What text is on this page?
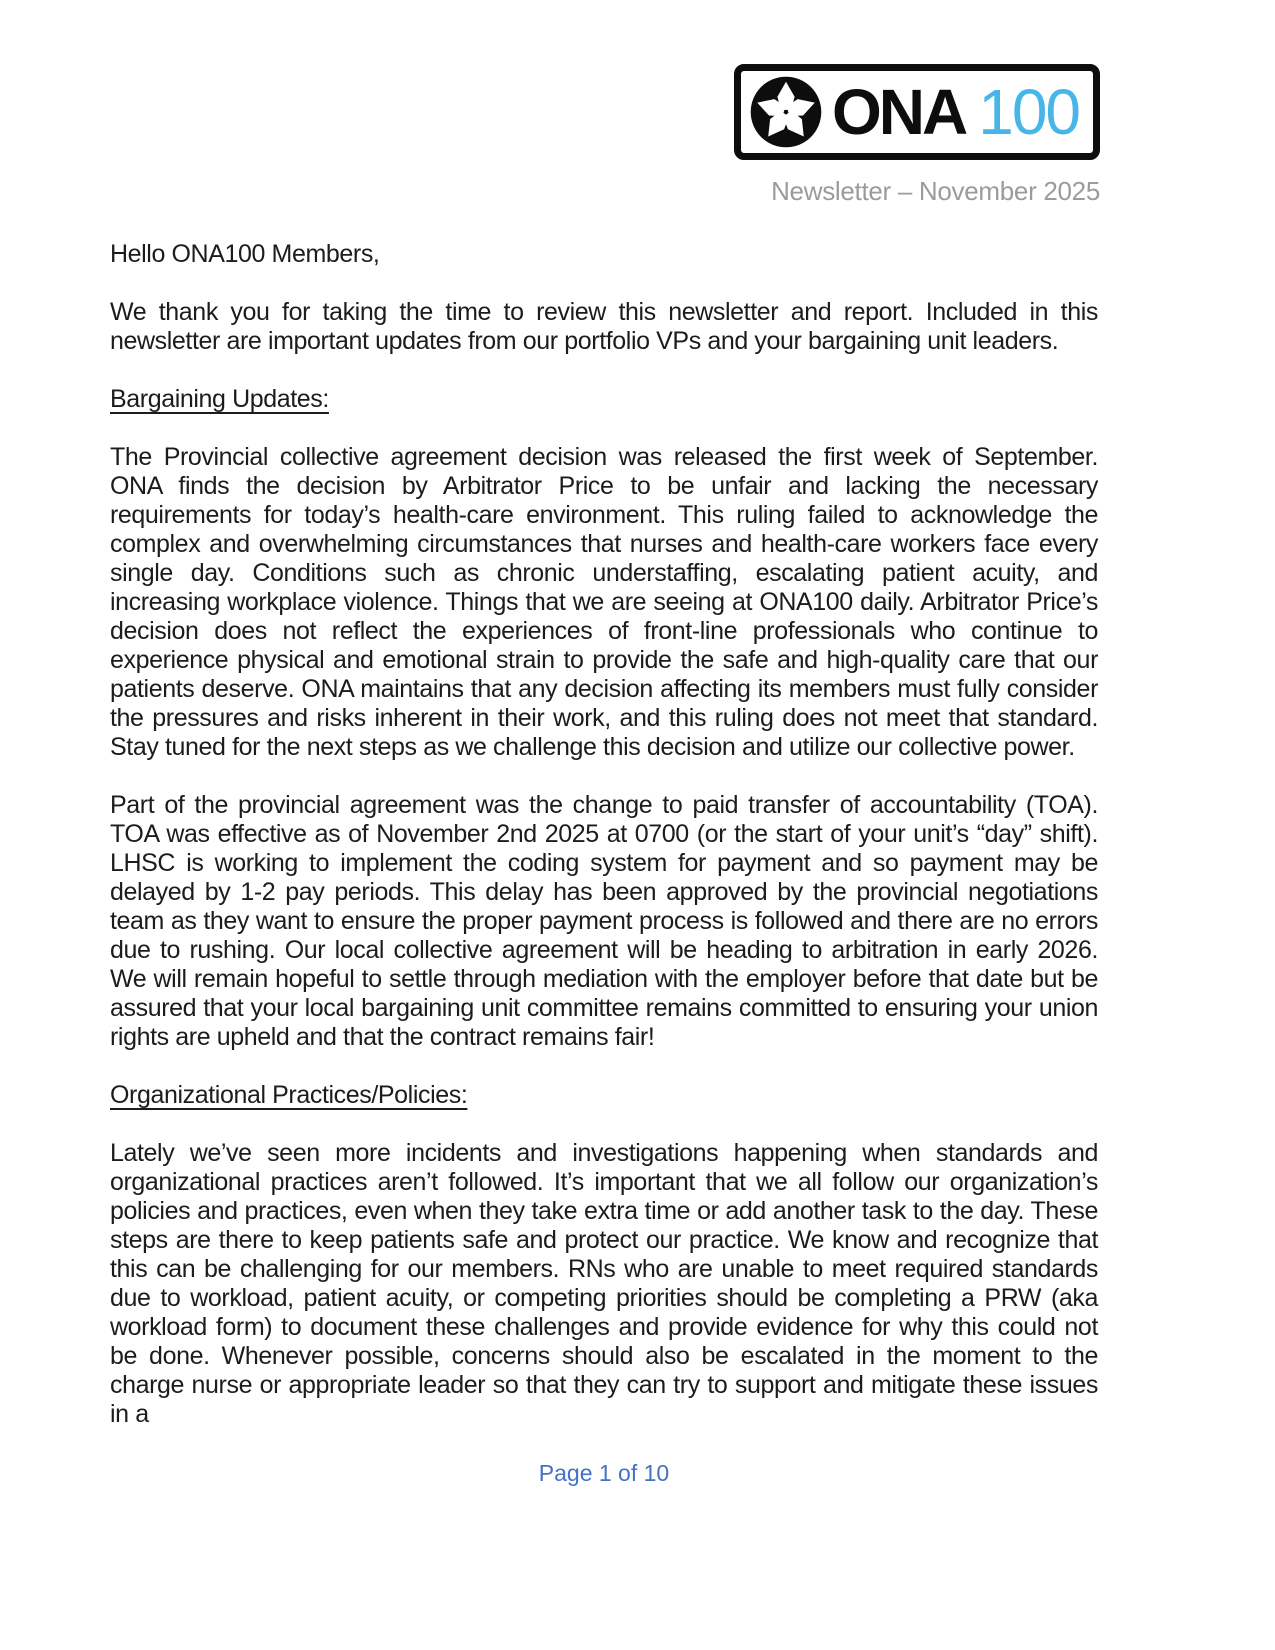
ONA 100
Newsletter – November 2025

Hello ONA100 Members,

We thank you for taking the time to review this newsletter and report. Included in this newsletter are important updates from our portfolio VPs and your bargaining unit leaders.

Bargaining Updates:

The Provincial collective agreement decision was released the first week of September. ONA finds the decision by Arbitrator Price to be unfair and lacking the necessary requirements for today’s health-care environment. This ruling failed to acknowledge the complex and overwhelming circumstances that nurses and health-care workers face every single day. Conditions such as chronic understaffing, escalating patient acuity, and increasing workplace violence. Things that we are seeing at ONA100 daily. Arbitrator Price’s decision does not reflect the experiences of front-line professionals who continue to experience physical and emotional strain to provide the safe and high-quality care that our patients deserve. ONA maintains that any decision affecting its members must fully consider the pressures and risks inherent in their work, and this ruling does not meet that standard. Stay tuned for the next steps as we challenge this decision and utilize our collective power.

Part of the provincial agreement was the change to paid transfer of accountability (TOA). TOA was effective as of November 2nd 2025 at 0700 (or the start of your unit’s “day” shift). LHSC is working to implement the coding system for payment and so payment may be delayed by 1-2 pay periods. This delay has been approved by the provincial negotiations team as they want to ensure the proper payment process is followed and there are no errors due to rushing. Our local collective agreement will be heading to arbitration in early 2026. We will remain hopeful to settle through mediation with the employer before that date but be assured that your local bargaining unit committee remains committed to ensuring your union rights are upheld and that the contract remains fair!

Organizational Practices/Policies:

Lately we’ve seen more incidents and investigations happening when standards and organizational practices aren’t followed. It’s important that we all follow our organization’s policies and practices, even when they take extra time or add another task to the day. These steps are there to keep patients safe and protect our practice. We know and recognize that this can be challenging for our members. RNs who are unable to meet required standards due to workload, patient acuity, or competing priorities should be completing a PRW (aka workload form) to document these challenges and provide evidence for why this could not be done. Whenever possible, concerns should also be escalated in the moment to the charge nurse or appropriate leader so that they can try to support and mitigate these issues in a

Page 1 of 10
